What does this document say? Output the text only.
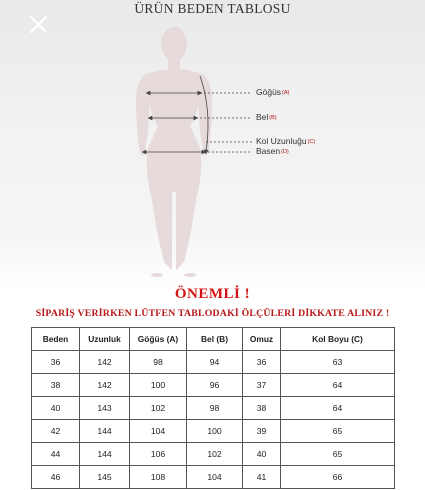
ÜRÜN BEDEN TABLOSU
Göğüs(A)
Bel(B)
Kol Uzunluğu(C)
Basen(D)
ÖNEMLİ !
SİPARİŞ VERİRKEN LÜTFEN TABLODAKİ ÖLÇÜLERİ DİKKATE ALINIZ !
Beden	Uzunluk	Göğüs (A)	Bel (B)	Omuz	Kol Boyu (C)
36	142	98	94	36	63
38	142	100	96	37	64
40	143	102	98	38	64
42	144	104	100	39	65
44	144	106	102	40	65
46	145	108	104	41	66
